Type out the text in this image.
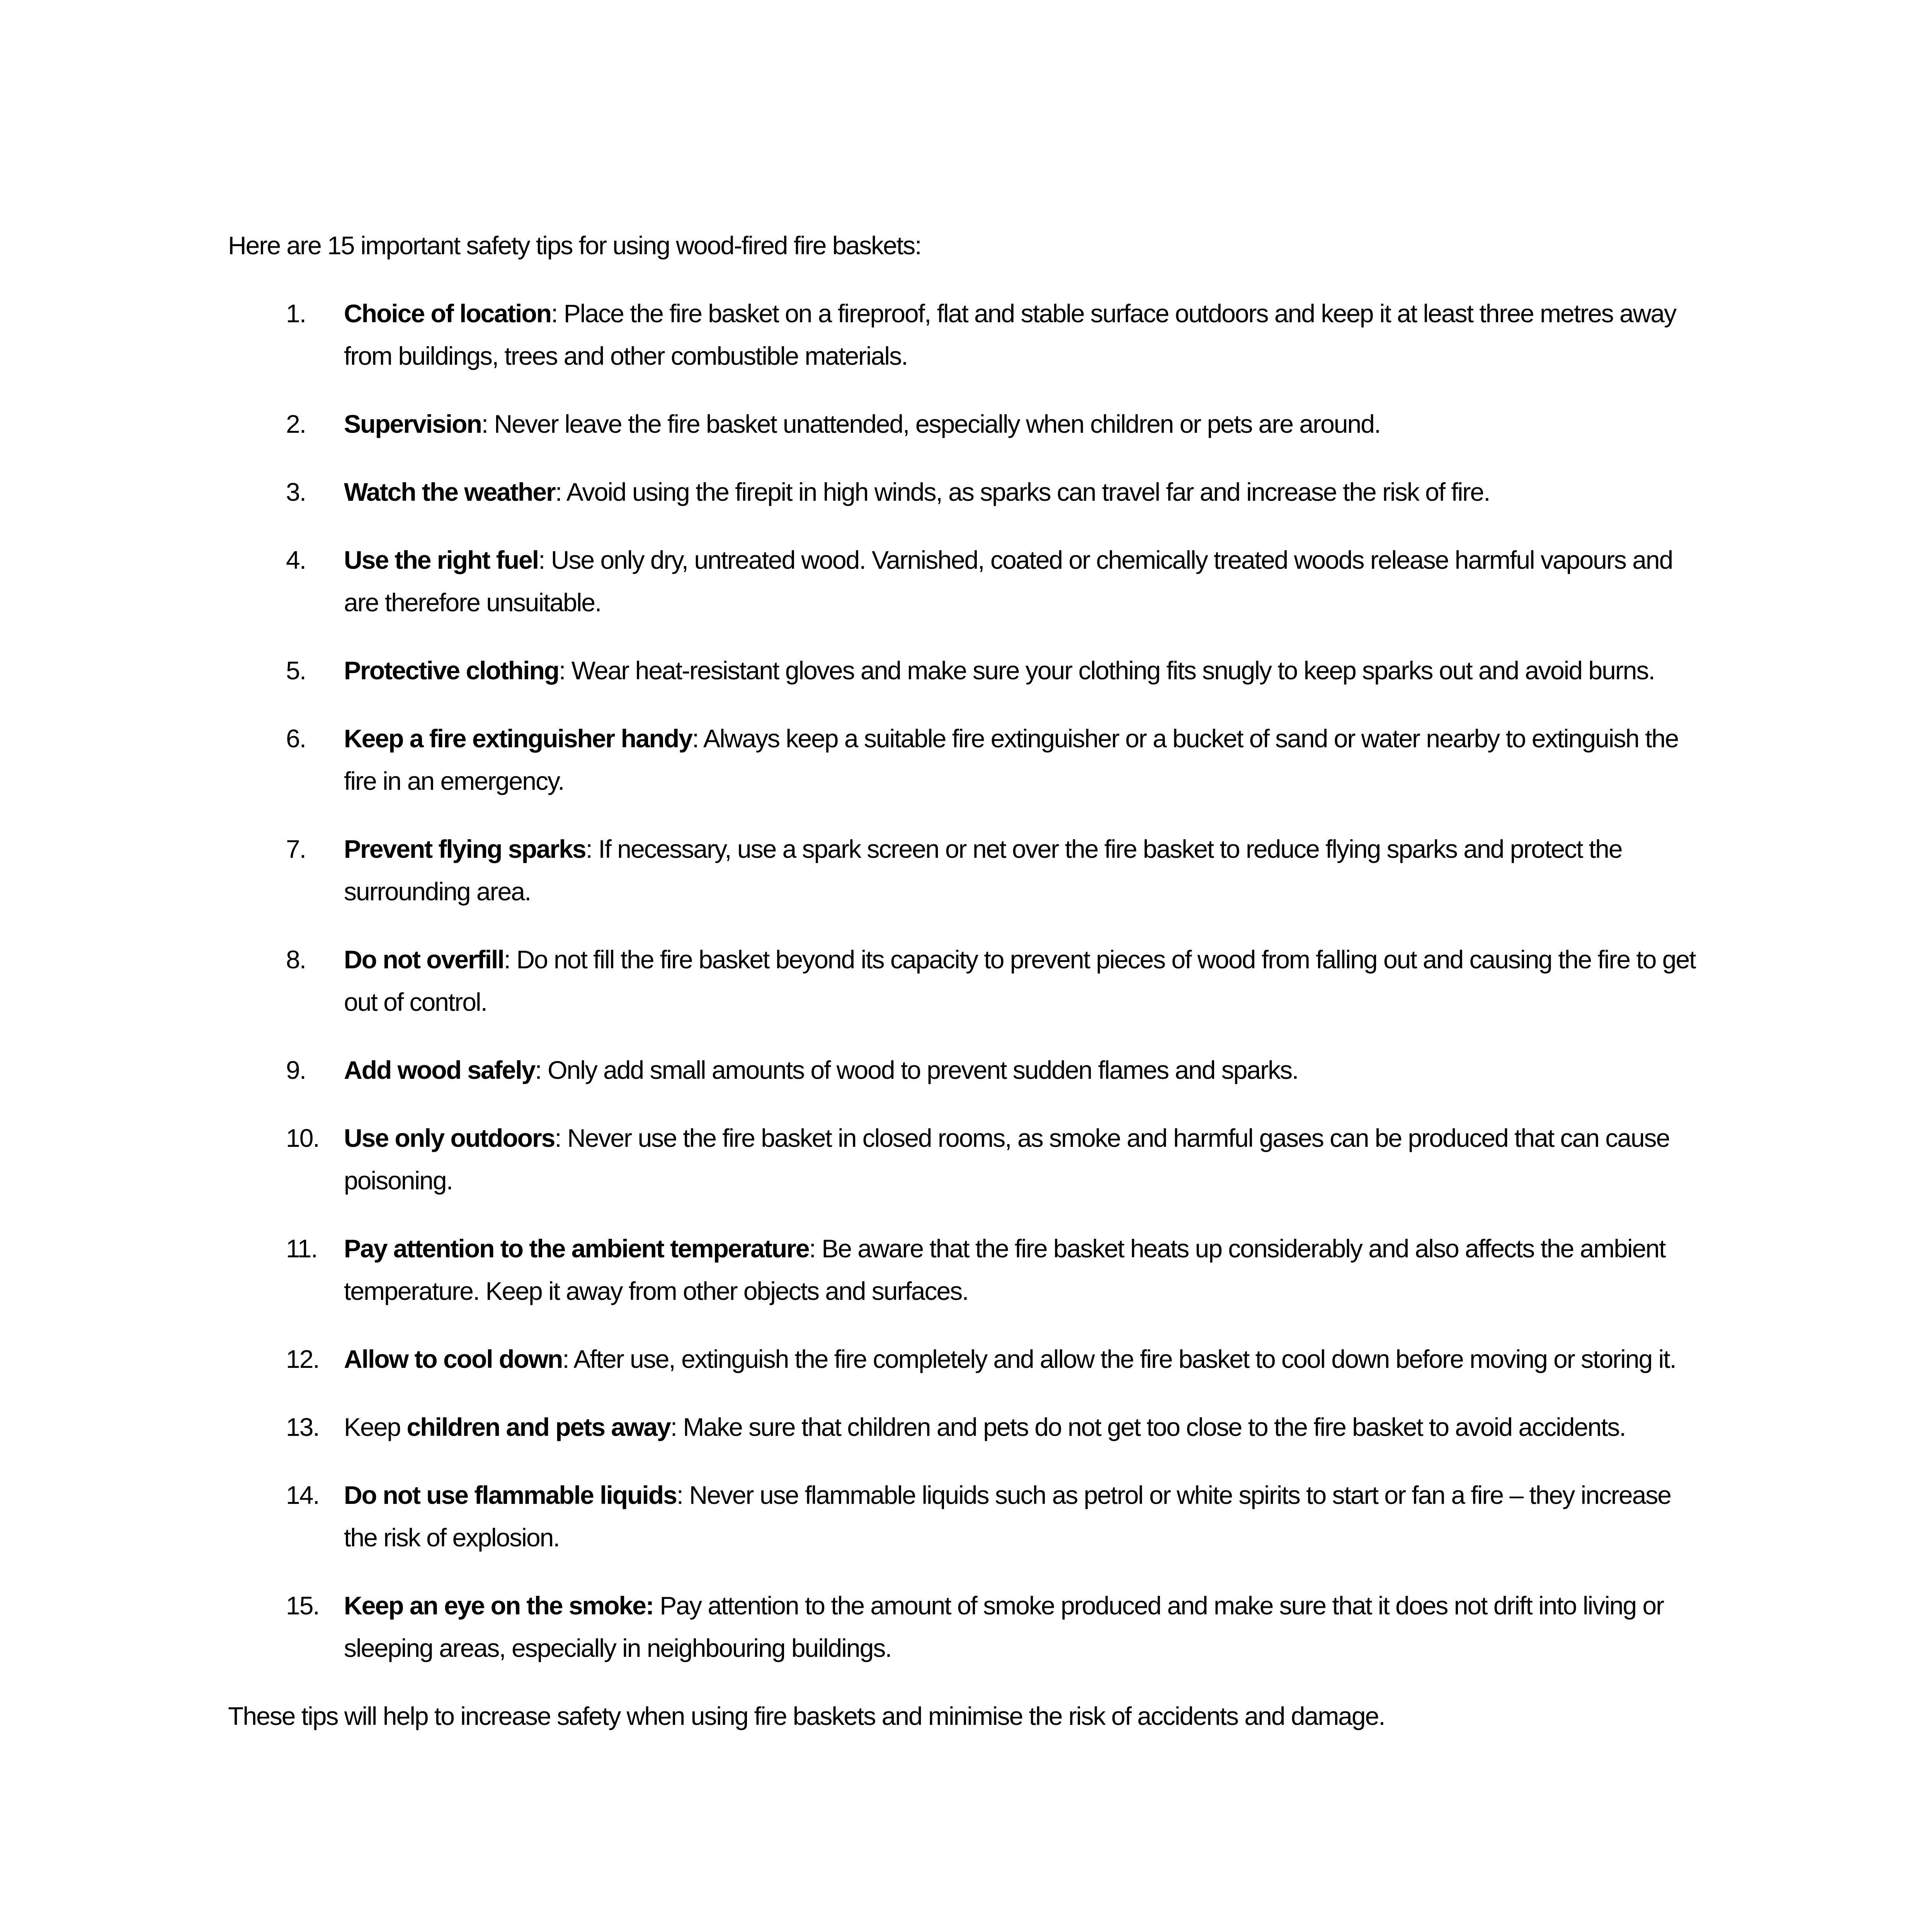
Here are 15 important safety tips for using wood-fired fire baskets:

1.	Choice of location: Place the fire basket on a fireproof, flat and stable surface outdoors and keep it at least three metres away from buildings, trees and other combustible materials.
2.	Supervision: Never leave the fire basket unattended, especially when children or pets are around.
3.	Watch the weather: Avoid using the firepit in high winds, as sparks can travel far and increase the risk of fire.
4.	Use the right fuel: Use only dry, untreated wood. Varnished, coated or chemically treated woods release harmful vapours and are therefore unsuitable.
5.	Protective clothing: Wear heat-resistant gloves and make sure your clothing fits snugly to keep sparks out and avoid burns.
6.	Keep a fire extinguisher handy: Always keep a suitable fire extinguisher or a bucket of sand or water nearby to extinguish the fire in an emergency.
7.	Prevent flying sparks: If necessary, use a spark screen or net over the fire basket to reduce flying sparks and protect the surrounding area.
8.	Do not overfill: Do not fill the fire basket beyond its capacity to prevent pieces of wood from falling out and causing the fire to get out of control.
9.	Add wood safely: Only add small amounts of wood to prevent sudden flames and sparks.
10. Use only outdoors: Never use the fire basket in closed rooms, as smoke and harmful gases can be produced that can cause poisoning.
11.	Pay attention to the ambient temperature: Be aware that the fire basket heats up considerably and also affects the ambient temperature. Keep it away from other objects and surfaces.
12. Allow to cool down: After use, extinguish the fire completely and allow the fire basket to cool down before moving or storing it.
13. Keep children and pets away: Make sure that children and pets do not get too close to the fire basket to avoid accidents.
14. Do not use flammable liquids: Never use flammable liquids such as petrol or white spirits to start or fan a fire – they increase the risk of explosion.
15. Keep an eye on the smoke: Pay attention to the amount of smoke produced and make sure that it does not drift into living or sleeping areas, especially in neighbouring buildings.

These tips will help to increase safety when using fire baskets and minimise the risk of accidents and damage.
